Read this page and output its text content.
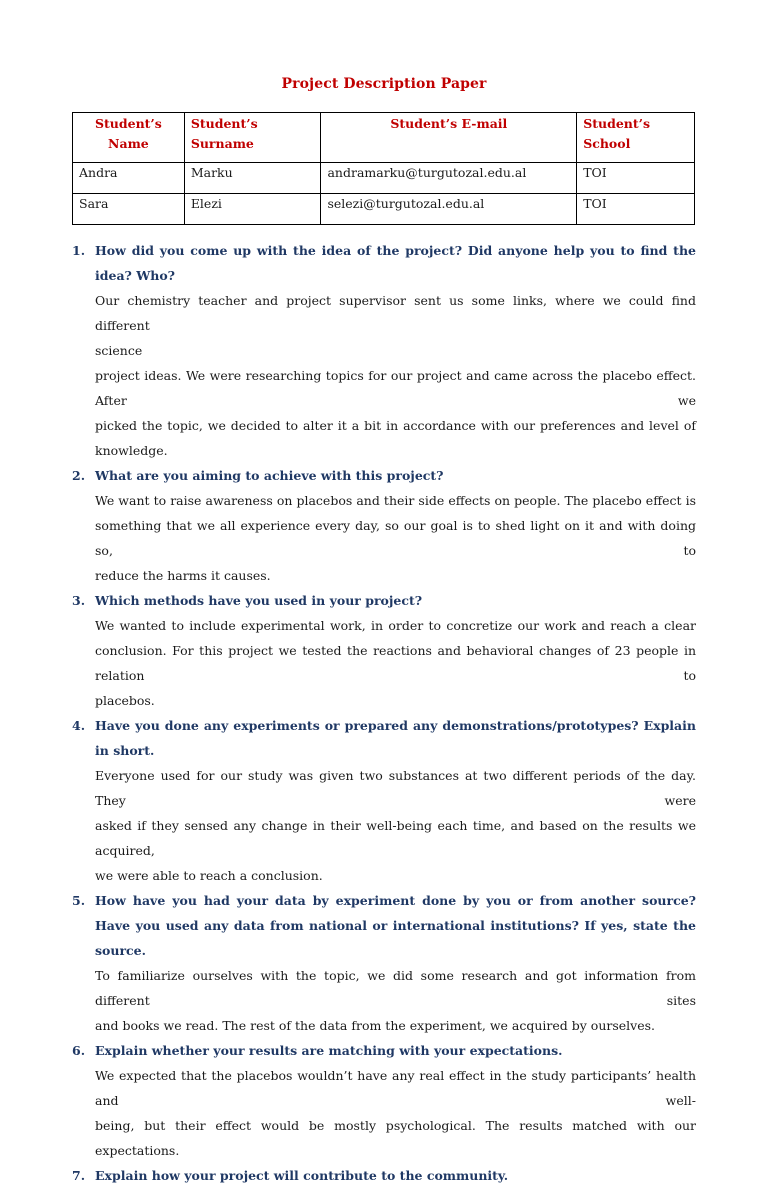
Project Description Paper
Student’s Name	Student’s Surname	Student’s E-mail	Student’s School
Andra	Marku	andramarku@turgutozal.edu.al	TOI
Sara	Elezi	selezi@turgutozal.edu.al	TOI
1. How did you come up with the idea of the project? Did anyone help you to find the idea? Who?
Our chemistry teacher and project supervisor sent us some links, where we could find different
science
project ideas. We were researching topics for our project and came across the placebo effect. After we
picked the topic, we decided to alter it a bit in accordance with our preferences and level of
knowledge.
2. What are you aiming to achieve with this project?
We want to raise awareness on placebos and their side effects on people. The placebo effect is
something that we all experience every day, so our goal is to shed light on it and with doing so, to
reduce the harms it causes.
3. Which methods have you used in your project?
We wanted to include experimental work, in order to concretize our work and reach a clear
conclusion. For this project we tested the reactions and behavioral changes of 23 people in relation to
placebos.
4. Have you done any experiments or prepared any demonstrations/prototypes? Explain in short.
Everyone used for our study was given two substances at two different periods of the day. They were
asked if they sensed any change in their well-being each time, and based on the results we acquired,
we were able to reach a conclusion.
5. How have you had your data by experiment done by you or from another source? Have you used any data from national or international institutions? If yes, state the source.
To familiarize ourselves with the topic, we did some research and got information from different sites
and books we read. The rest of the data from the experiment, we acquired by ourselves.
6. Explain whether your results are matching with your expectations.
We expected that the placebos wouldn’t have any real effect in the study participants’ health and well-
being, but their effect would be mostly psychological. The results matched with our expectations.
7. Explain how your project will contribute to the community.
